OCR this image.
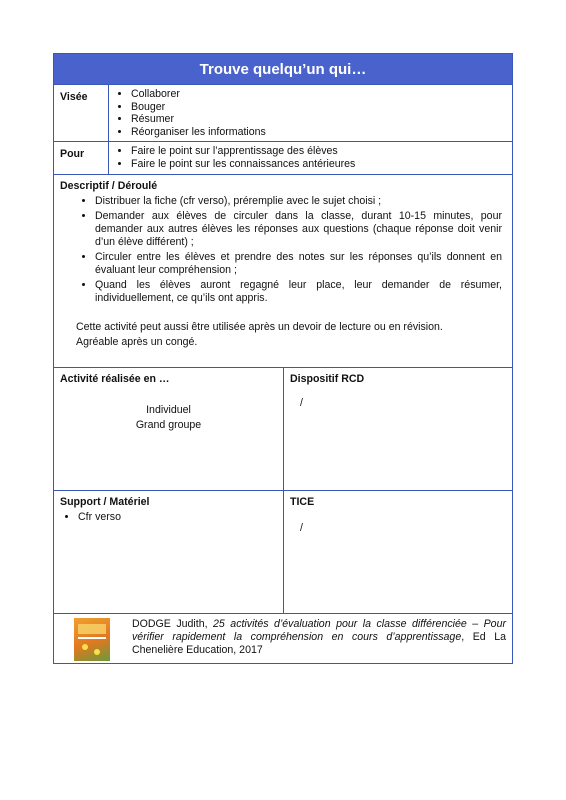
Trouve quelqu’un qui…
Visée	• Collaborer
• Bouger
• Résumer
• Réorganiser les informations
Pour	• Faire le point sur l’apprentissage des élèves
• Faire le point sur les connaissances antérieures
Descriptif / Déroulé
• Distribuer la fiche (cfr verso), préremplie avec le sujet choisi ;
• Demander aux élèves de circuler dans la classe, durant 10-15 minutes, pour demander aux autres élèves les réponses aux questions (chaque réponse doit venir d’un élève différent) ;
• Circuler entre les élèves et prendre des notes sur les réponses qu’ils donnent en évaluant leur compréhension ;
• Quand les élèves auront regagné leur place, leur demander de résumer, individuellement, ce qu’ils ont appris.

Cette activité peut aussi être utilisée après un devoir de lecture ou en révision.

Agréable après un congé.

Activité réalisée en …
Individuel
Grand groupe
Dispositif RCD
/
Support / Matériel
• Cfr verso
TICE
/
DODGE Judith, 25 activités d’évaluation pour la classe différenciée – Pour vérifier rapidement la compréhension en cours d’apprentissage, Ed La Chenelière Education, 2017
